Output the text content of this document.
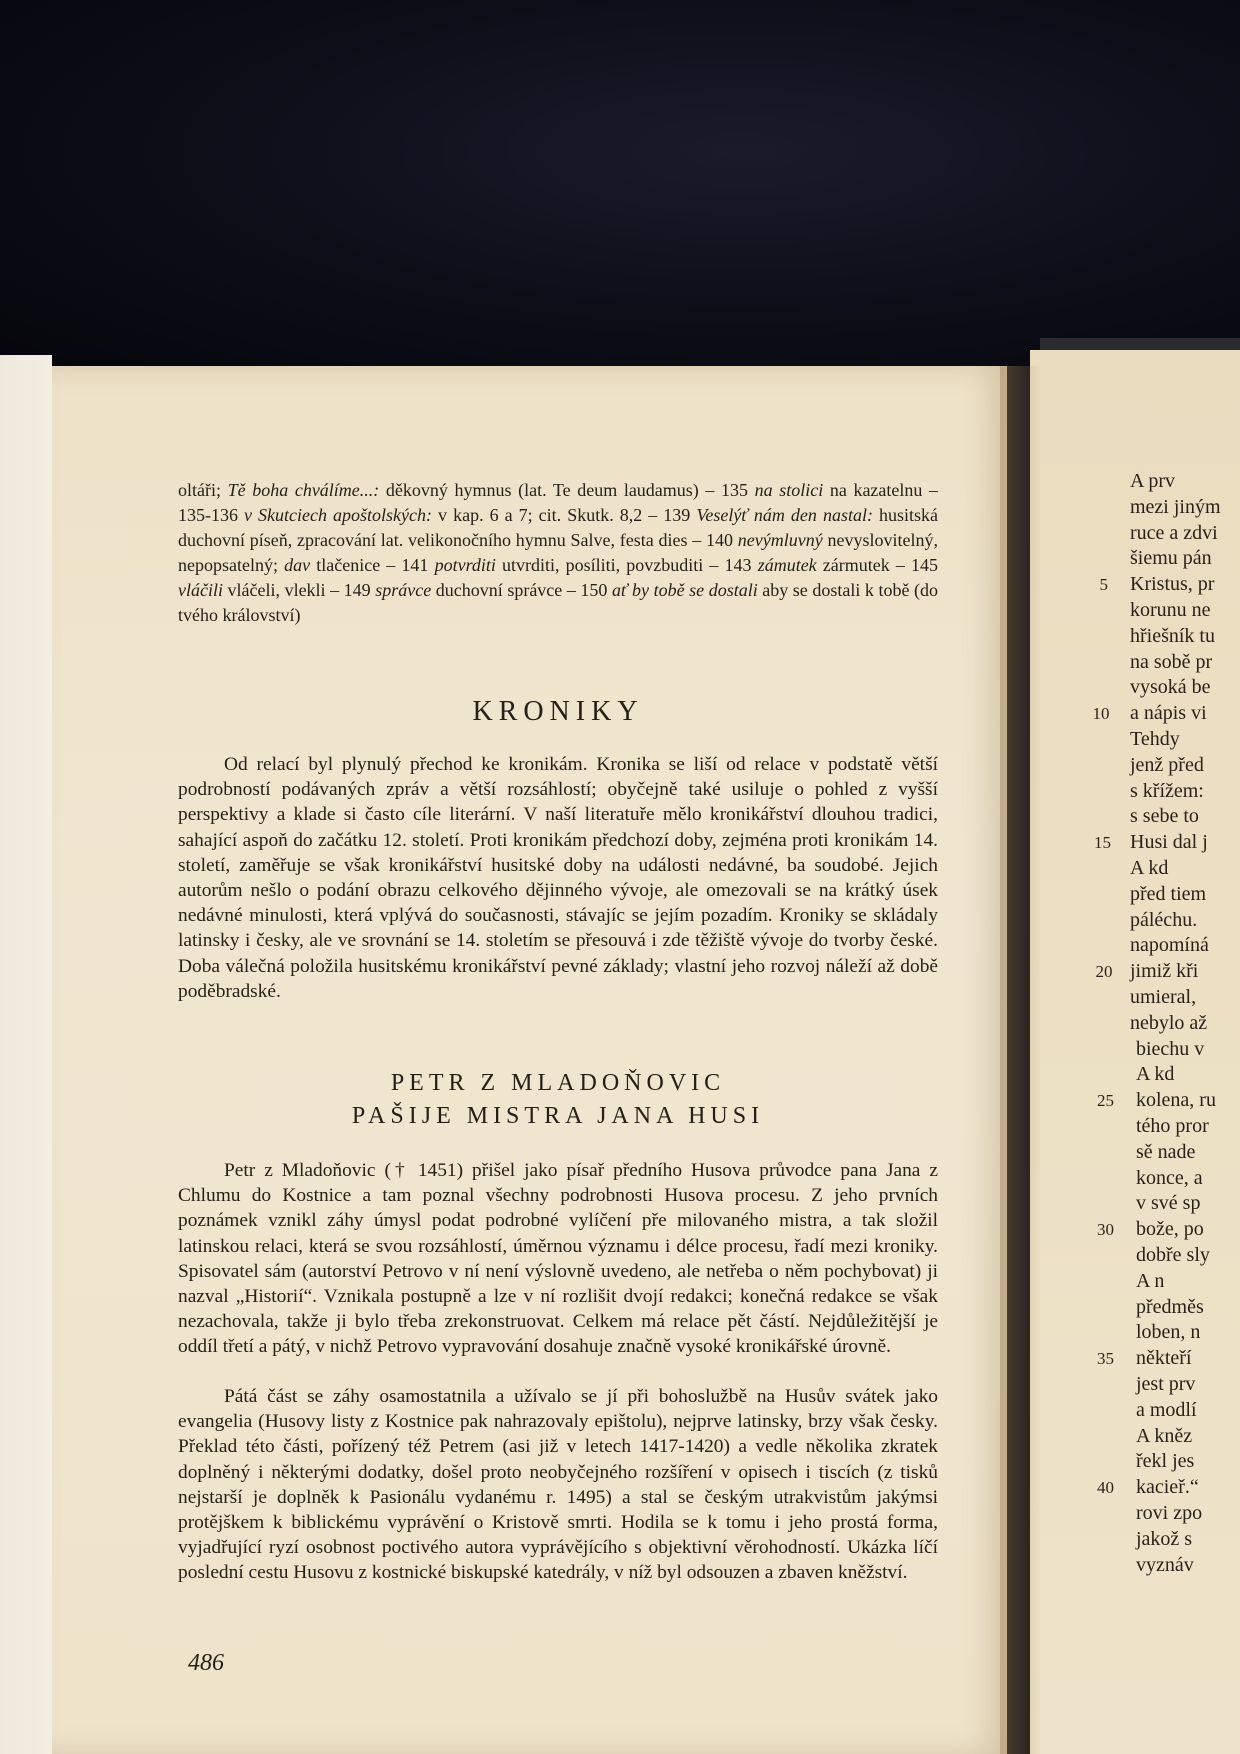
oltáři; Tě boha chválíme...: děkovný hymnus (lat. Te deum laudamus) – 135 na stolici na kazatelnu – 135-136 v Skutciech apoštolských: v kap. 6 a 7; cit. Skutk. 8,2 – 139 Veselýť nám den nastal: husitská duchovní píseň, zpracování lat. velikonočního hymnu Salve, festa dies – 140 nevýmluvný nevyslovitelný, nepopsatelný; dav tlačenice – 141 potvrditi utvrditi, posíliti, povzbuditi – 143 zámutek zármutek – 145 vláčili vláčeli, vlekli – 149 správce duchovní správce – 150 ať by tobě se dostali aby se dostali k tobě (do tvého království)
KRONIKY

Od relací byl plynulý přechod ke kronikám. Kronika se liší od relace v podstatě větší podrobností podávaných zpráv a větší rozsáhlostí; obyčejně také usiluje o pohled z vyšší perspektivy a klade si často cíle literární. V naší literatuře mělo kronikářství dlouhou tradici, sahající aspoň do začátku 12. století. Proti kronikám předchozí doby, zejména proti kronikám 14. století, zaměřuje se však kronikářství husitské doby na události nedávné, ba soudobé. Jejich autorům nešlo o podání obrazu celkového dějinného vývoje, ale omezovali se na krátký úsek nedávné minulosti, která vplývá do současnosti, stávajíc se jejím pozadím. Kroniky se skládaly latinsky i česky, ale ve srovnání se 14. stoletím se přesouvá i zde těžiště vývoje do tvorby české. Doba válečná položila husitskému kronikářství pevné základy; vlastní jeho rozvoj náleží až době poděbradské.

PETR Z MLADOŇOVIC
PAŠIJE MISTRA JANA HUSI

Petr z Mladoňovic († 1451) přišel jako písař předního Husova průvodce pana Jana z Chlumu do Kostnice a tam poznal všechny podrobnosti Husova procesu. Z jeho prvních poznámek vznikl záhy úmysl podat podrobné vylíčení pře milovaného mistra, a tak složil latinskou relaci, která se svou rozsáhlostí, úměrnou významu i délce procesu, řadí mezi kroniky. Spisovatel sám (autorství Petrovo v ní není výslovně uvedeno, ale netřeba o něm pochybovat) ji nazval „Historií“. Vznikala postupně a lze v ní rozlišit dvojí redakci; konečná redakce se však nezachovala, takže ji bylo třeba zrekonstruovat. Celkem má relace pět částí. Nejdůležitější je oddíl třetí a pátý, v nichž Petrovo vypravování dosahuje značně vysoké kronikářské úrovně.

Pátá část se záhy osamostatnila a užívalo se jí při bohoslužbě na Husův svátek jako evangelia (Husovy listy z Kostnice pak nahrazovaly epištolu), nejprve latinsky, brzy však česky. Překlad této části, pořízený též Petrem (asi již v letech 1417-1420) a vedle několika zkratek doplněný i některými dodatky, došel proto neobyčejného rozšíření v opisech i tiscích (z tisků nejstarší je doplněk k Pasionálu vydanému r. 1495) a stal se českým utrakvistům jakýmsi protějškem k biblickému vyprávění o Kristově smrti. Hodila se k tomu i jeho prostá forma, vyjadřující ryzí osobnost poctivého autora vyprávějícího s objektivní věrohodností. Ukázka líčí poslední cestu Husovu z kostnické biskupské katedrály, v níž byl odsouzen a zbaven kněžství.

486
A prv
mezi jiným
ruce a zdvi
šiemu pán
Kristus, pr
korunu ne
hřiešník tu
na sobě pr
vysoká be
a nápis vi
Tehdy
jenž před
s křížem:
s sebe to
Husi dal j
A kd
před tiem
páléchu.
napomíná
jimiž kři
umieral,
nebylo až
biechu v
A kd
kolena, ru
tého pror
sě nade
konce, a
v své sp
bože, po
dobře sly
A n
předměs
loben, n
někteří
jest prv
a modlí
A kněz
řekl jes
kacieř.“
rovi zpo
jakož s
vyznáv
5
10
15
20
25
30
35
40
